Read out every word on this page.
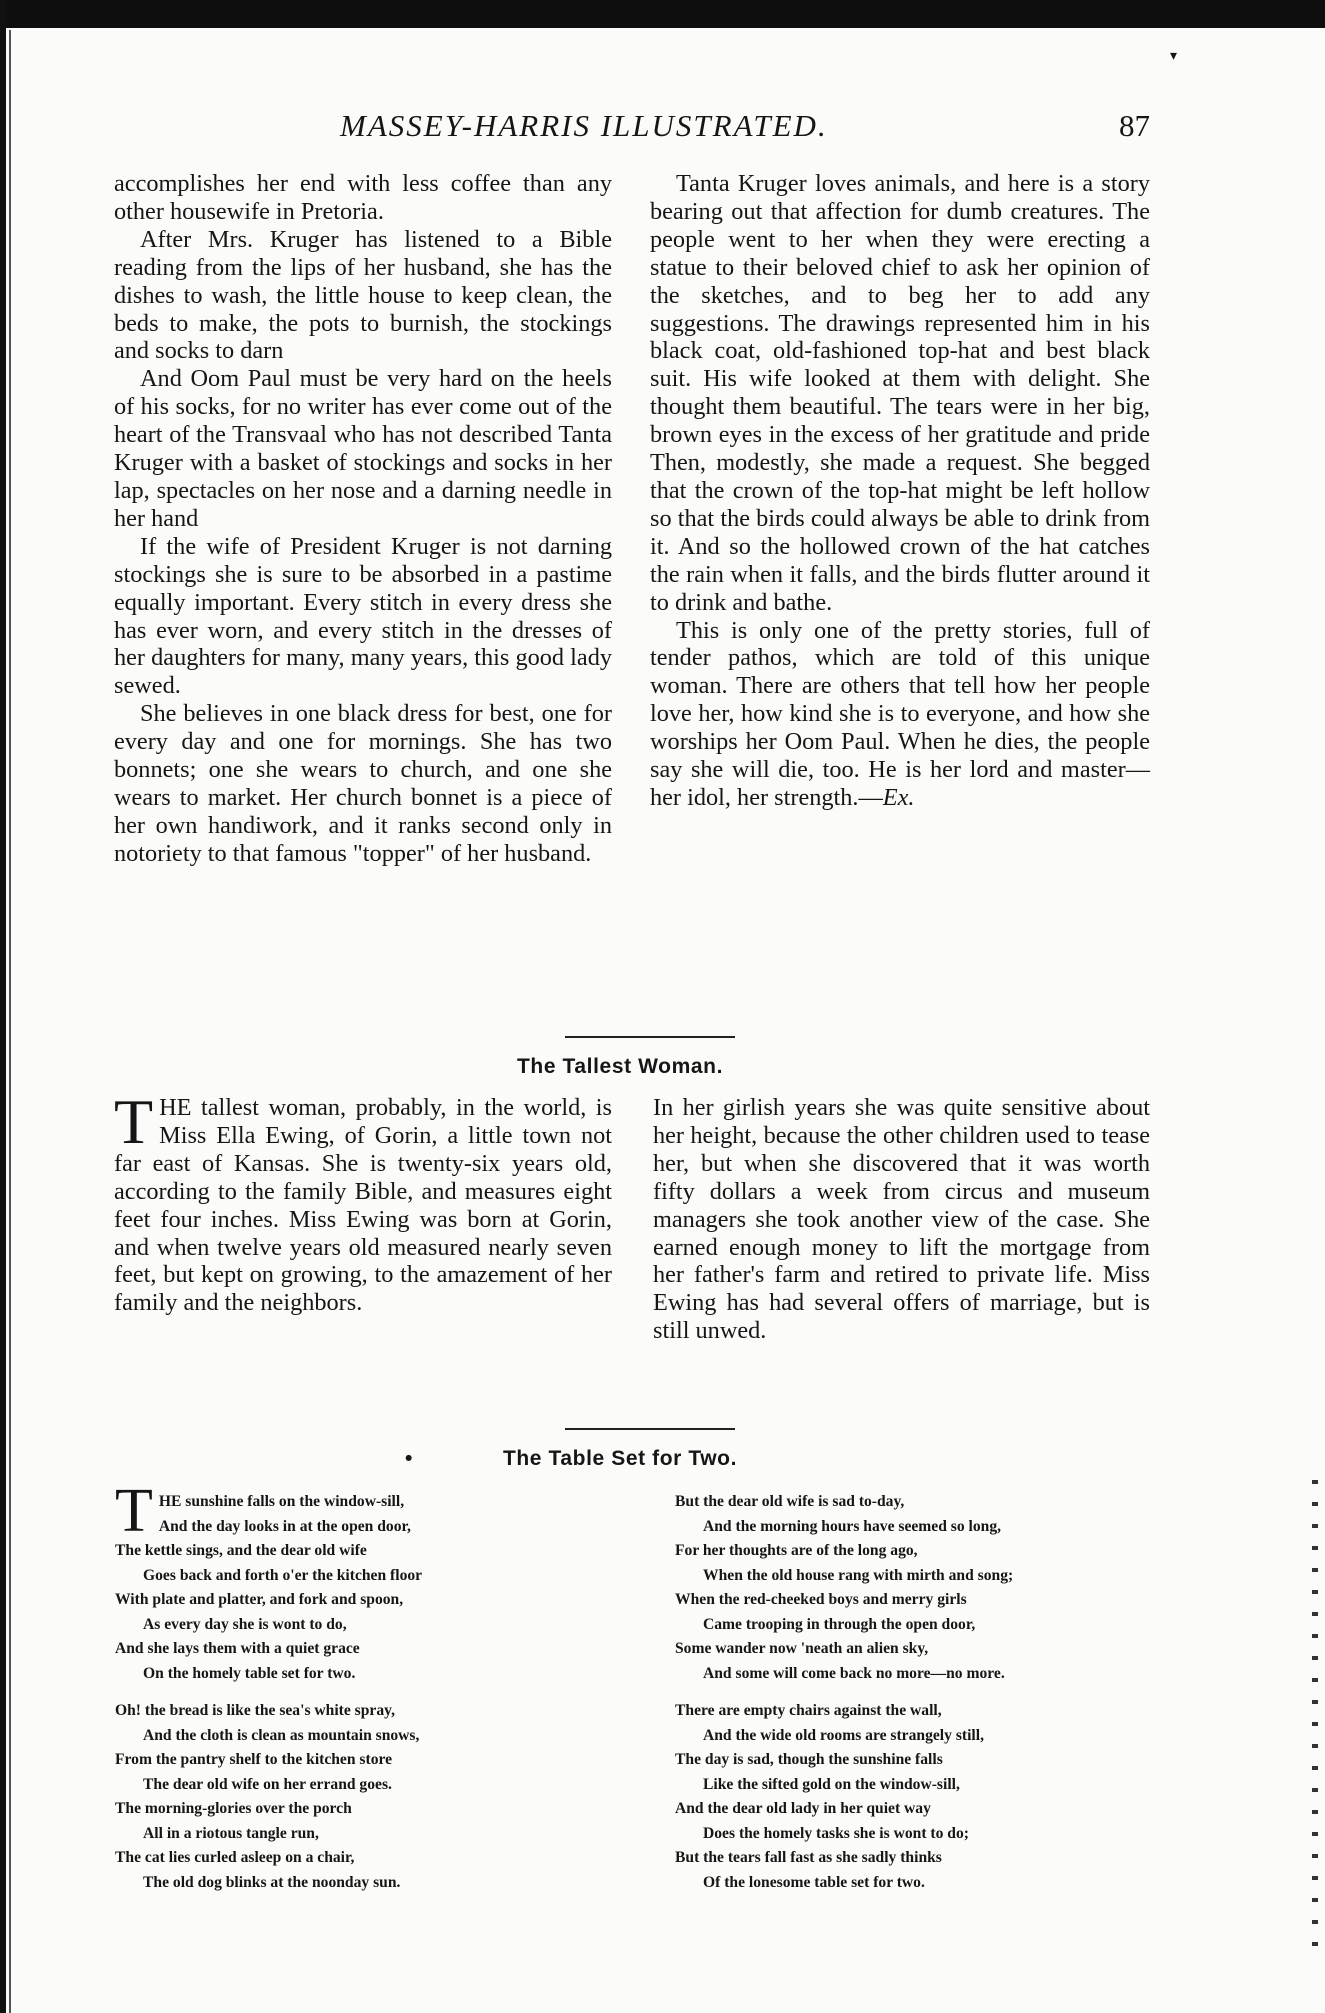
▾
MASSEY-HARRIS ILLUSTRATED.	87

accomplishes her end with less coffee than any other housewife in Pretoria.

After Mrs. Kruger has listened to a Bible reading from the lips of her husband, she has the dishes to wash, the little house to keep clean, the beds to make, the pots to burnish, the stockings and socks to darn

And Oom Paul must be very hard on the heels of his socks, for no writer has ever come out of the heart of the Transvaal who has not described Tanta Kruger with a basket of stockings and socks in her lap, spectacles on her nose and a darning needle in her hand

If the wife of President Kruger is not darning stockings she is sure to be absorbed in a pastime equally important. Every stitch in every dress she has ever worn, and every stitch in the dresses of her daughters for many, many years, this good lady sewed.

She believes in one black dress for best, one for every day and one for mornings. She has two bonnets; one she wears to church, and one she wears to market. Her church bonnet is a piece of her own handiwork, and it ranks second only in notoriety to that famous "topper" of her husband.

Tanta Kruger loves animals, and here is a story bearing out that affection for dumb creatures. The people went to her when they were erecting a statue to their beloved chief to ask her opinion of the sketches, and to beg her to add any suggestions. The drawings represented him in his black coat, old-fashioned top-hat and best black suit. His wife looked at them with delight. She thought them beautiful. The tears were in her big, brown eyes in the excess of her gratitude and pride Then, modestly, she made a request. She begged that the crown of the top-hat might be left hollow so that the birds could always be able to drink from it. And so the hollowed crown of the hat catches the rain when it falls, and the birds flutter around it to drink and bathe.

This is only one of the pretty stories, full of tender pathos, which are told of this unique woman. There are others that tell how her people love her, how kind she is to everyone, and how she worships her Oom Paul. When he dies, the people say she will die, too. He is her lord and master—her idol, her strength.—Ex.

The Tallest Woman.

THE tallest woman, probably, in the world, is Miss Ella Ewing, of Gorin, a little town not far east of Kansas. She is twenty-six years old, according to the family Bible, and measures eight feet four inches. Miss Ewing was born at Gorin, and when twelve years old measured nearly seven feet, but kept on growing, to the amazement of her family and the neighbors.

In her girlish years she was quite sensitive about her height, because the other children used to tease her, but when she discovered that it was worth fifty dollars a week from circus and museum managers she took another view of the case. She earned enough money to lift the mortgage from her father's farm and retired to private life. Miss Ewing has had several offers of marriage, but is still unwed.

•	The Table Set for Two.
T HE sunshine falls on the window-sill,
And the day looks in at the open door,
The kettle sings, and the dear old wife
Goes back and forth o'er the kitchen floor
With plate and platter, and fork and spoon,
As every day she is wont to do,
And she lays them with a quiet grace
On the homely table set for two.
Oh! the bread is like the sea's white spray,
And the cloth is clean as mountain snows,
From the pantry shelf to the kitchen store
The dear old wife on her errand goes.
The morning-glories over the porch
All in a riotous tangle run,
The cat lies curled asleep on a chair,
The old dog blinks at the noonday sun.
But the dear old wife is sad to-day,
And the morning hours have seemed so long,
For her thoughts are of the long ago,
When the old house rang with mirth and song;
When the red-cheeked boys and merry girls
Came trooping in through the open door,
Some wander now 'neath an alien sky,
And some will come back no more—no more.
There are empty chairs against the wall,
And the wide old rooms are strangely still,
The day is sad, though the sunshine falls
Like the sifted gold on the window-sill,
And the dear old lady in her quiet way
Does the homely tasks she is wont to do;
But the tears fall fast as she sadly thinks
Of the lonesome table set for two.
